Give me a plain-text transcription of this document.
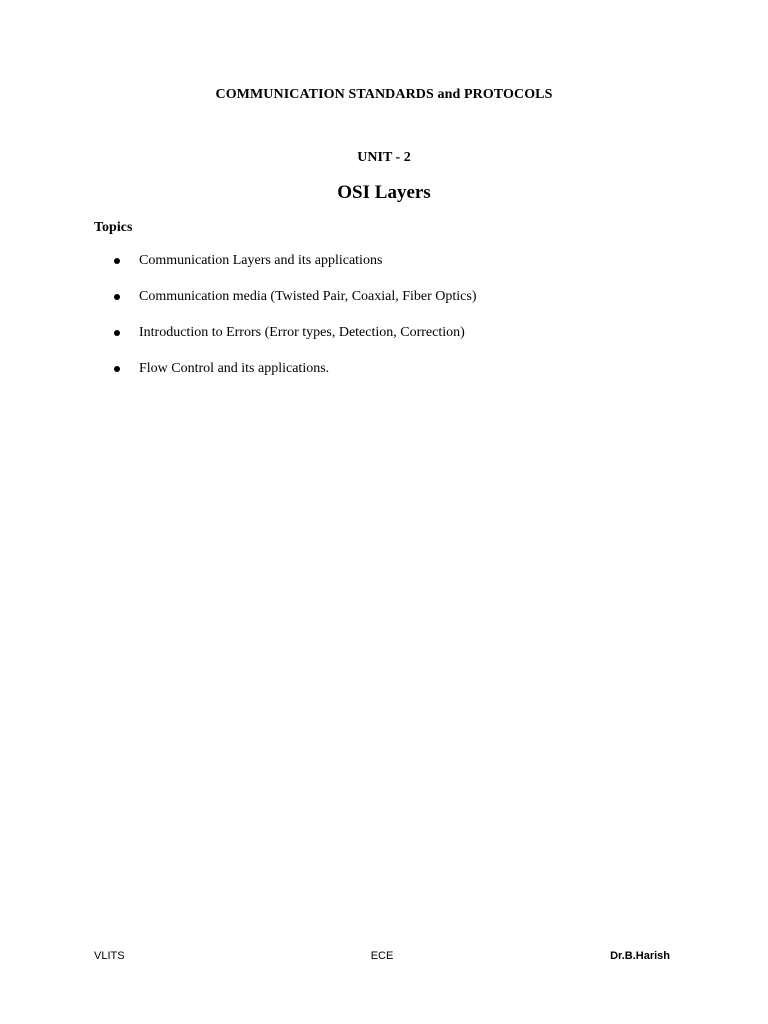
COMMUNICATION STANDARDS and PROTOCOLS
UNIT - 2
OSI Layers
Topics
Communication Layers and its applications
Communication media (Twisted Pair, Coaxial, Fiber Optics)
Introduction to Errors (Error types, Detection, Correction)
Flow Control and its applications.
VLITS	ECE	Dr.B.Harish
